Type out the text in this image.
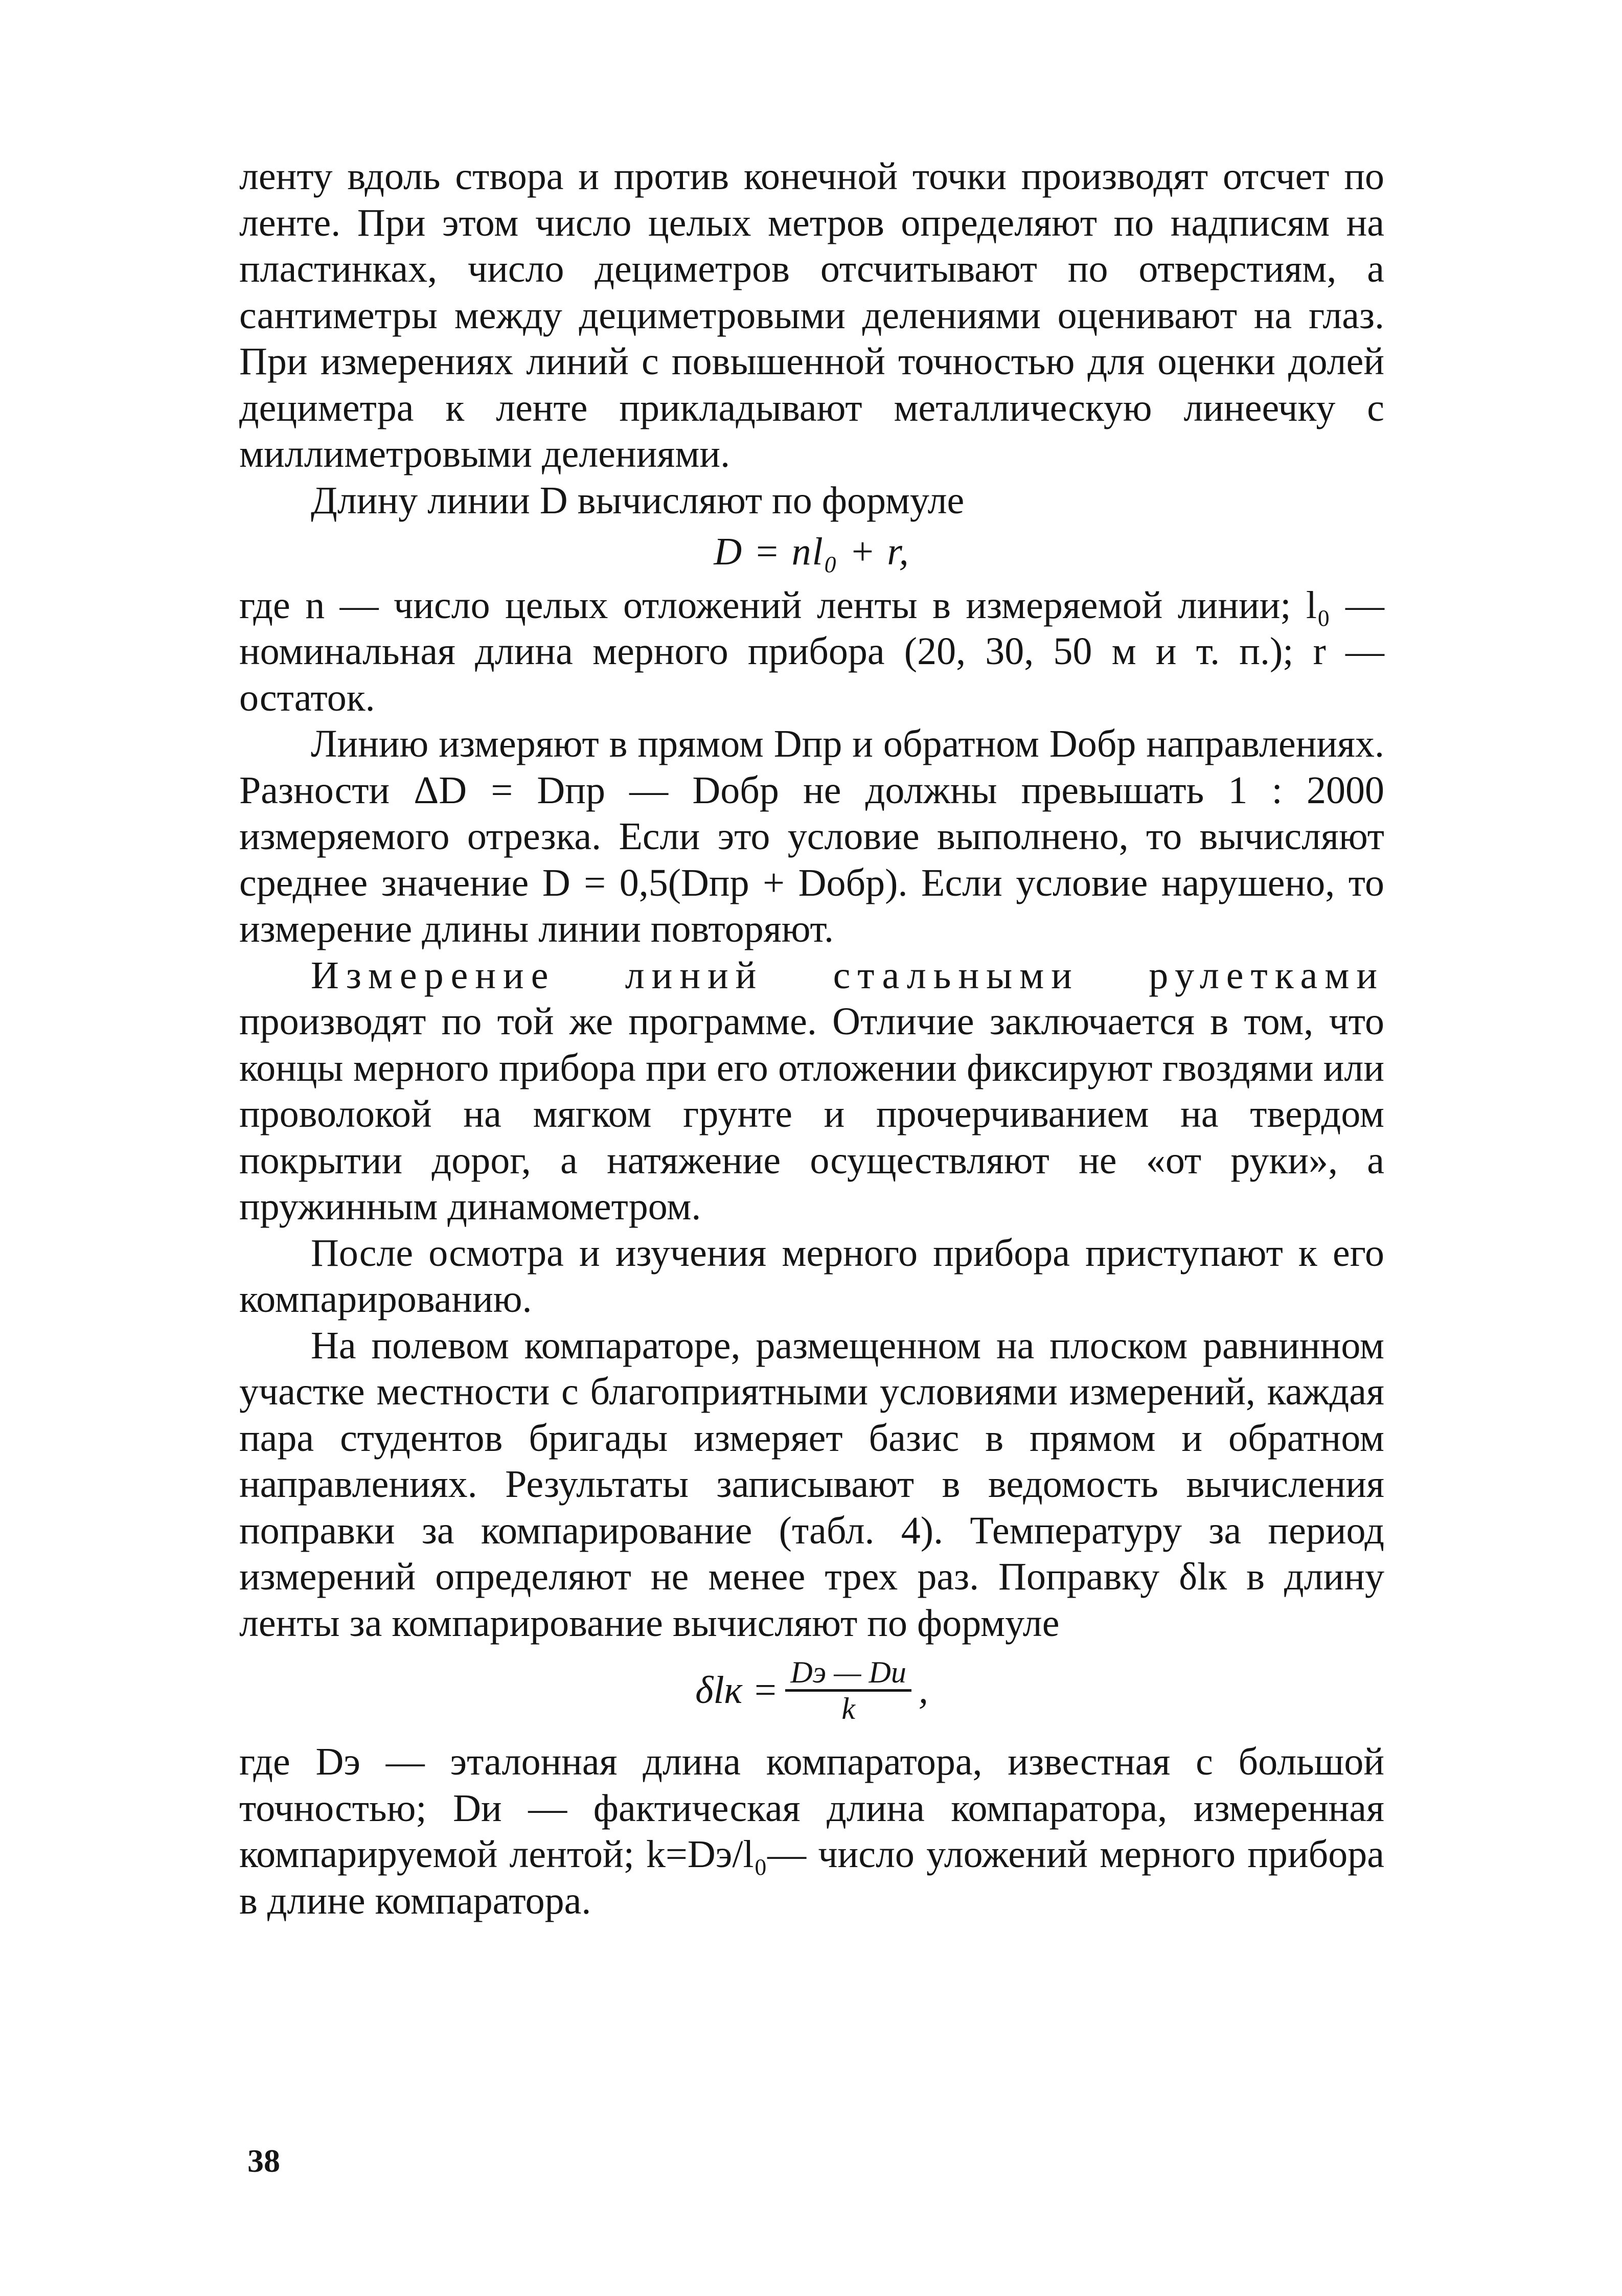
ленту вдоль створа и против конечной точки производят отсчет по ленте. При этом число целых метров определяют по надписям на пластинках, число дециметров отсчитывают по отверстиям, а сантиметры между дециметровыми делениями оценивают на глаз. При измерениях линий с повышенной точностью для оценки долей дециметра к ленте прикладывают металлическую линеечку с миллиметровыми делениями.

Длину линии D вычисляют по формуле

D = nl₀ + r,

где n — число целых отложений ленты в измеряемой линии; l₀ — номинальная длина мерного прибора (20, 30, 50 м и т. п.); r — остаток.

Линию измеряют в прямом Dпр и обратном Dобр направлениях. Разности ΔD = Dпр — Dобр не должны превышать 1 : 2000 измеряемого отрезка. Если это условие выполнено, то вычисляют среднее значение D = 0,5(Dпр + Dобр). Если условие нарушено, то измерение длины линии повторяют.

Измерение линий стальными рулетками производят по той же программе. Отличие заключается в том, что концы мерного прибора при его отложении фиксируют гвоздями или проволокой на мягком грунте и прочерчиванием на твердом покрытии дорог, а натяжение осуществляют не «от руки», а пружинным динамометром.

После осмотра и изучения мерного прибора приступают к его компарированию.

На полевом компараторе, размещенном на плоском равнинном участке местности с благоприятными условиями измерений, каждая пара студентов бригады измеряет базис в прямом и обратном направлениях. Результаты записывают в ведомость вычисления поправки за компарирование (табл. 4). Температуру за период измерений определяют не менее трех раз. Поправку δlк в длину ленты за компарирование вычисляют по формуле

$\delta lк = \frac{Dэ — Dи}{k}$ ,

где Dэ — эталонная длина компаратора, известная с большой точностью; Dи — фактическая длина компаратора, измеренная компарируемой лентой; k=Dэ/l₀— число уложений мерного прибора в длине компаратора.

38
